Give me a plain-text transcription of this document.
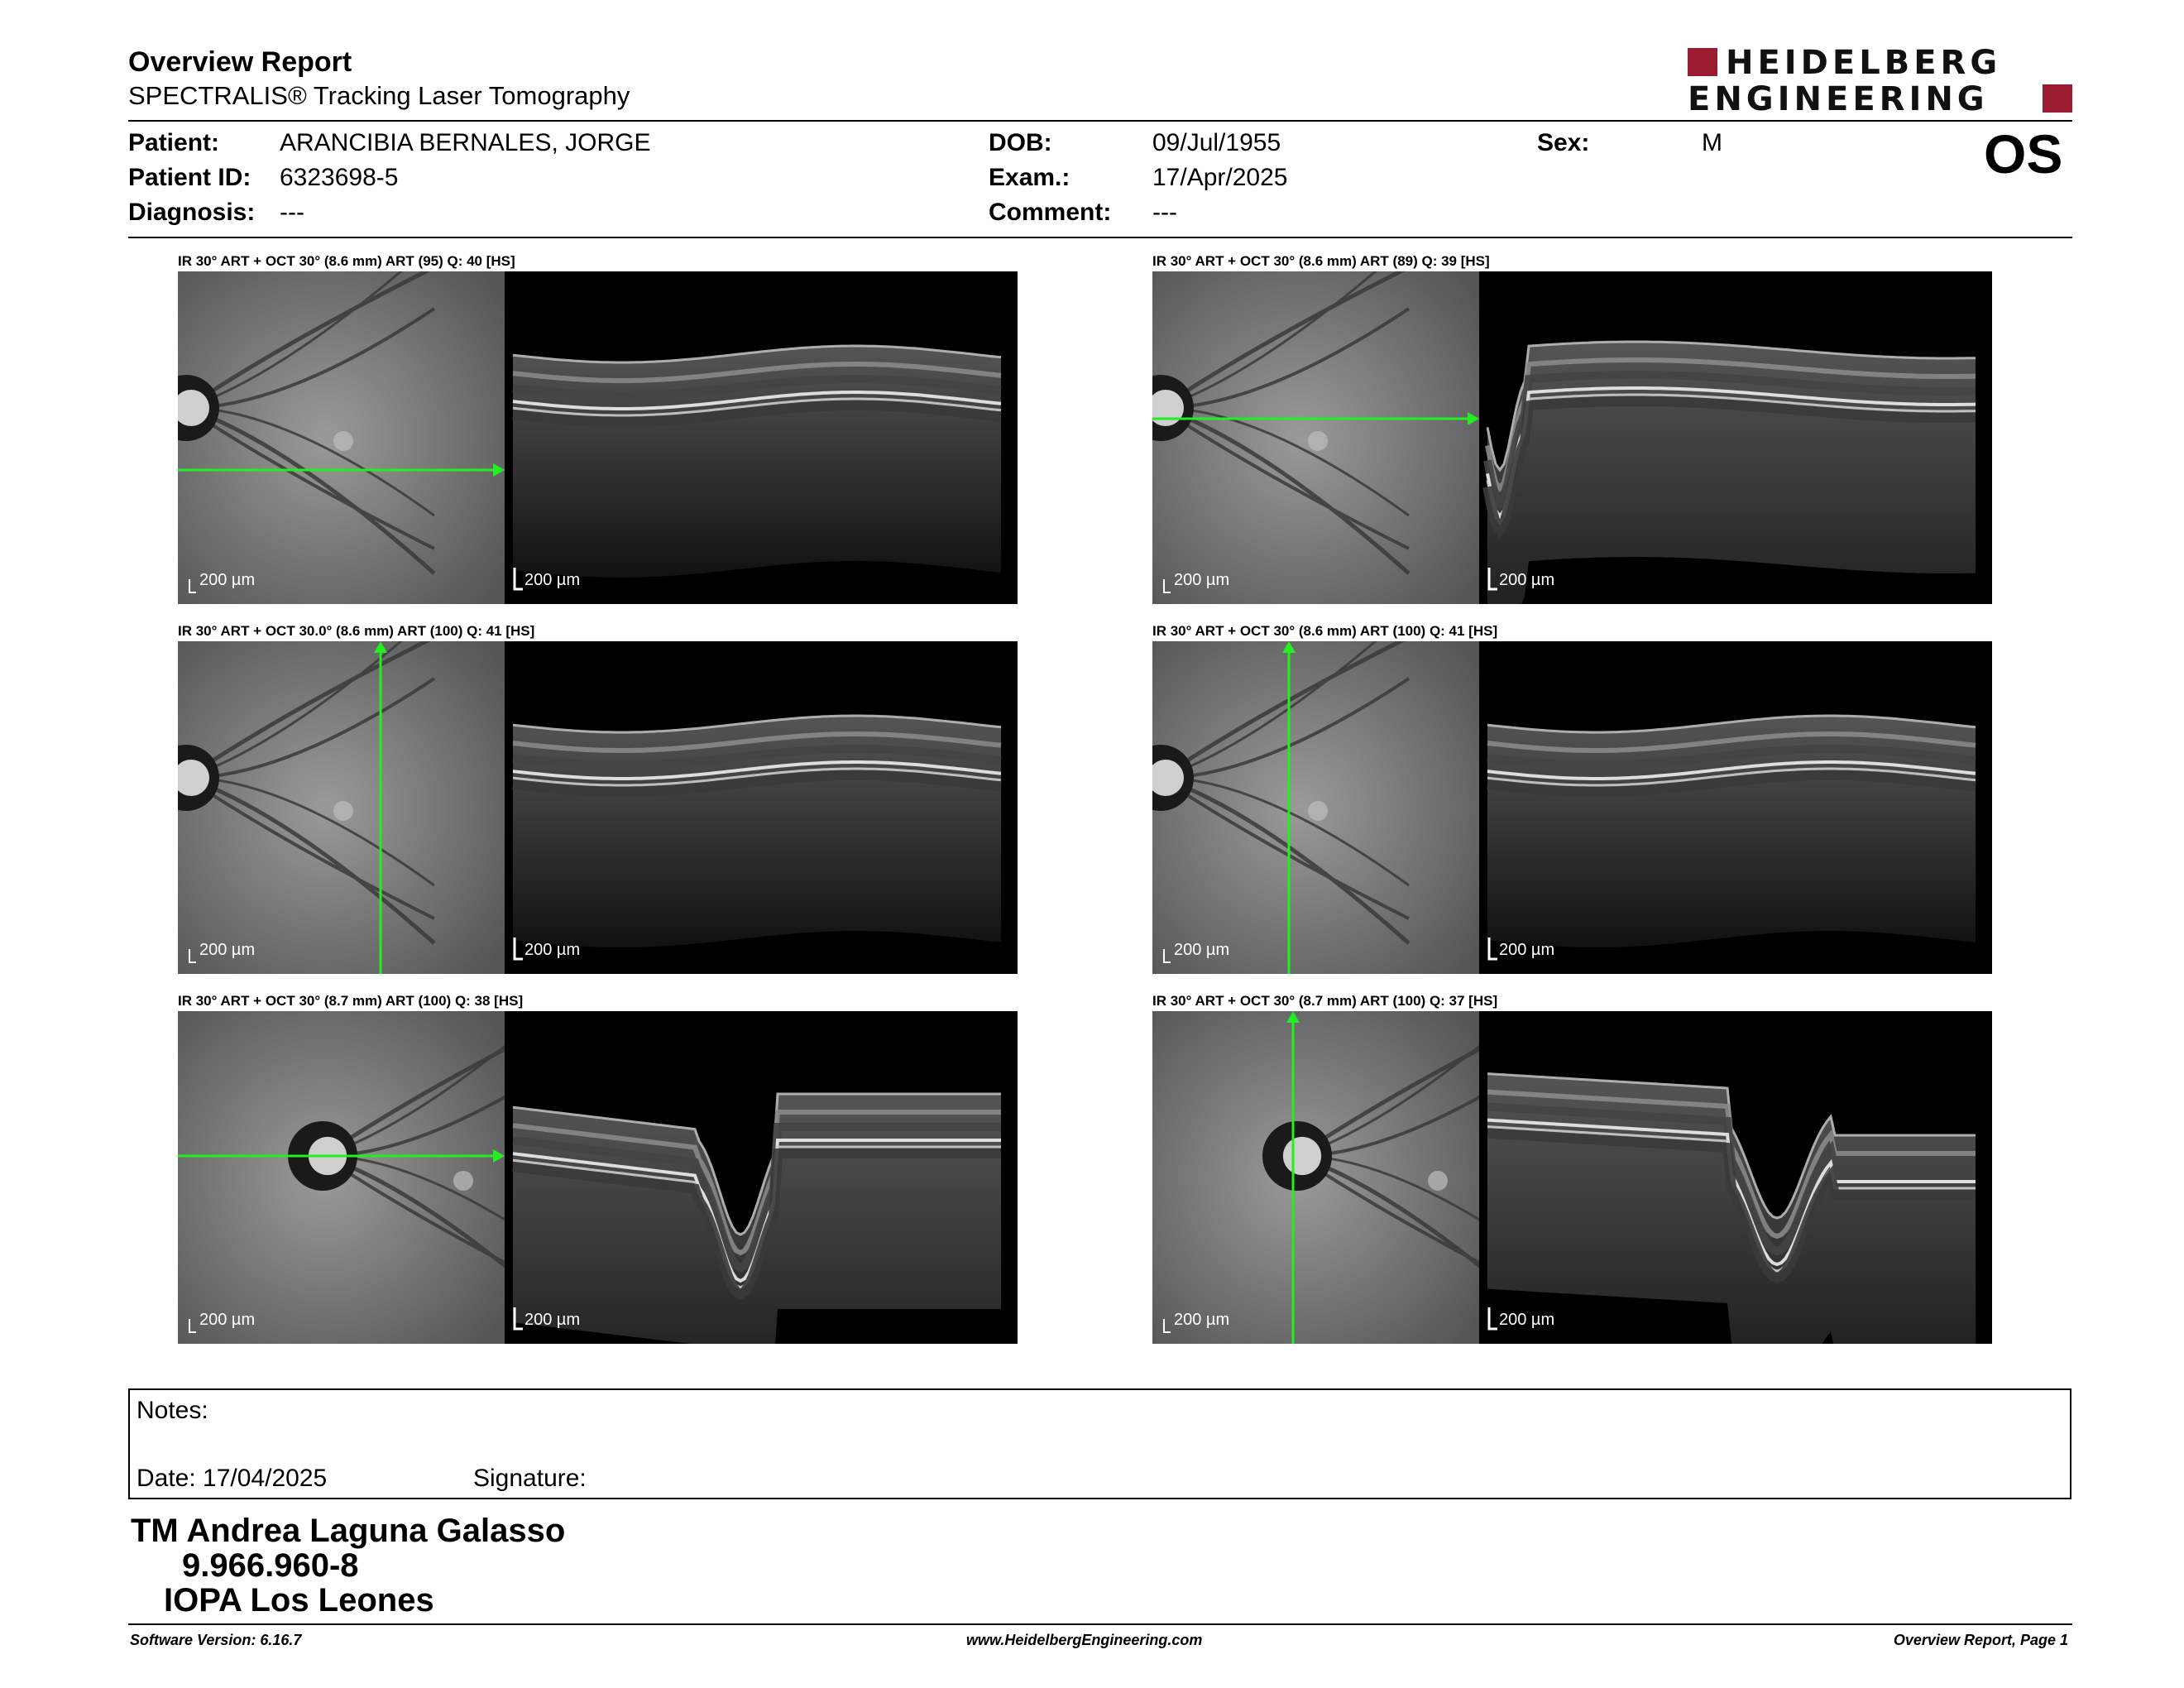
Overview Report
SPECTRALIS® Tracking Laser Tomography
HEIDELBERG
ENGINEERING
Patient: ARANCIBIA BERNALES, JORGE
Patient ID: 6323698-5
Diagnosis: ---
DOB:	09/Jul/1955
Exam.:	17/Apr/2025
Comment: ---
Sex:	M	OS
IR 30° ART + OCT 30° (8.6 mm) ART (95) Q: 40 [HS]
200 µm	200 µm
IR 30° ART + OCT 30° (8.6 mm) ART (89) Q: 39 [HS]
200 µm	200 µm
IR 30° ART + OCT 30.0° (8.6 mm) ART (100) Q: 41 [HS]
200 µm	200 µm
IR 30° ART + OCT 30° (8.6 mm) ART (100) Q: 41 [HS]
200 µm	200 µm
IR 30° ART + OCT 30° (8.7 mm) ART (100) Q: 38 [HS]
200 µm	200 µm
IR 30° ART + OCT 30° (8.7 mm) ART (100) Q: 37 [HS]
200 µm	200 µm
Notes:
Date: 17/04/2025	Signature:
TM Andrea Laguna Galasso
9.966.960-8
IOPA Los Leones
Software Version: 6.16.7	www.HeidelbergEngineering.com	Overview Report, Page 1
